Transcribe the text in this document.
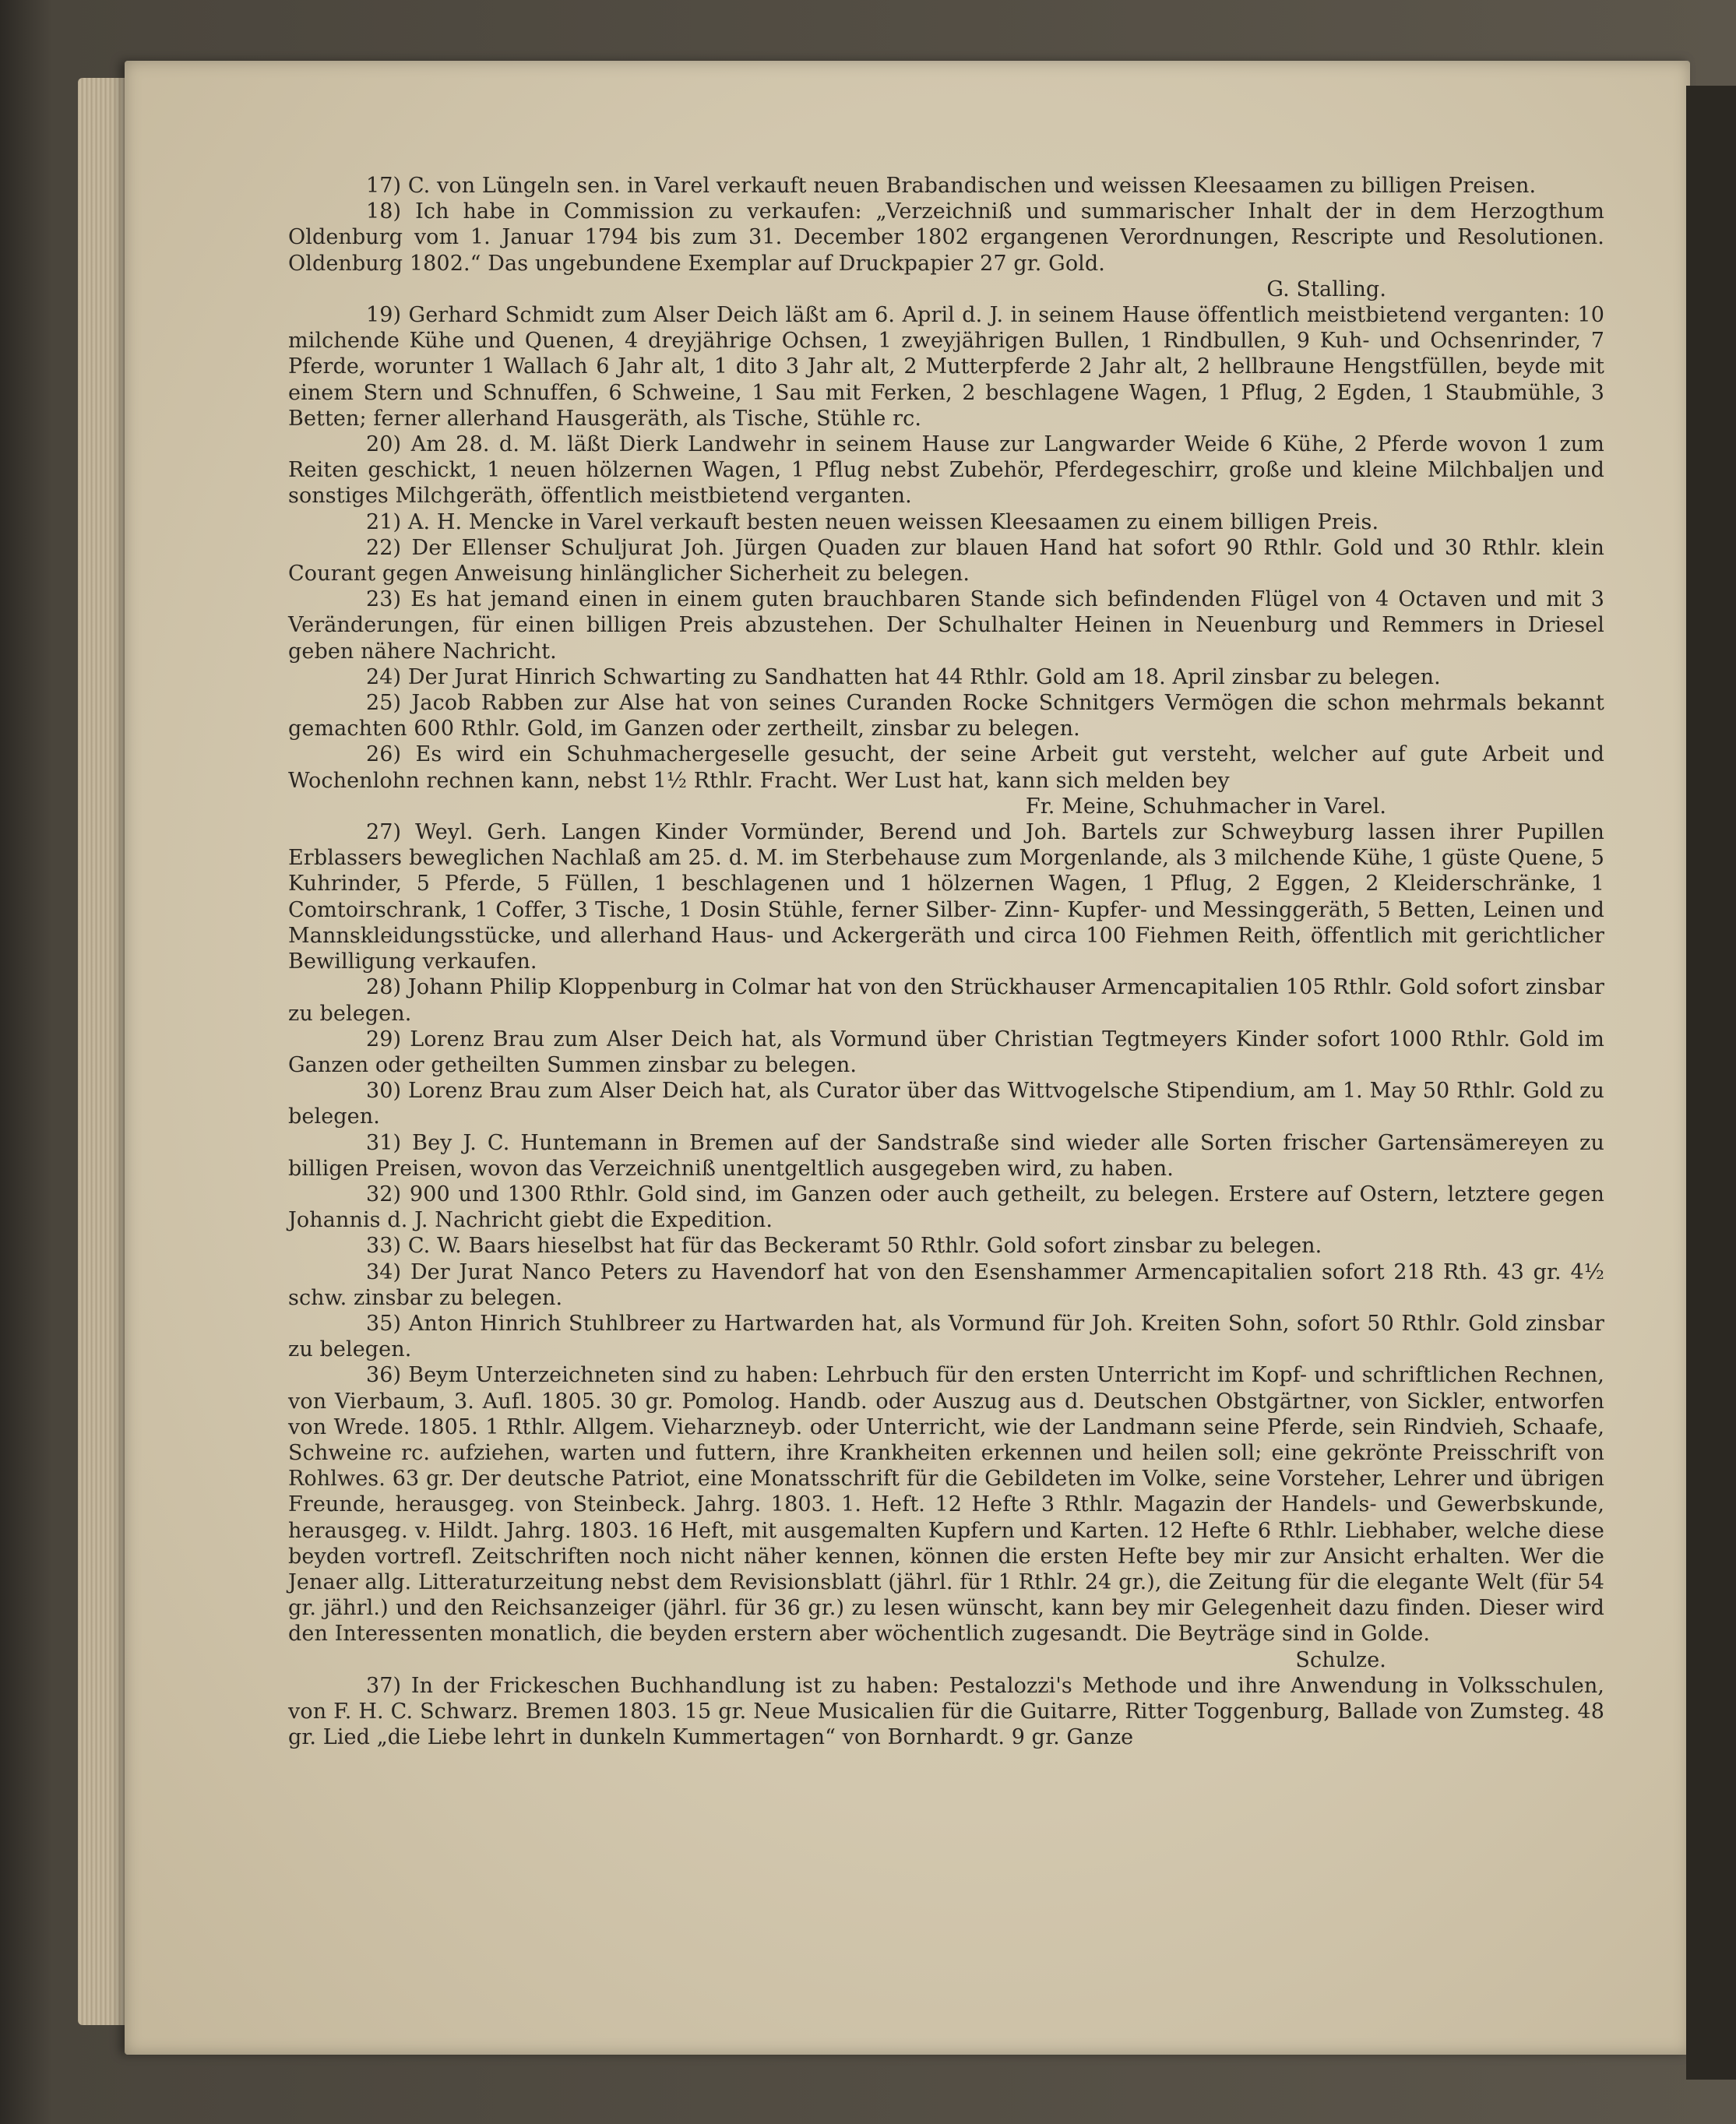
17) C. von Lüngeln sen. in Varel verkauft neuen Brabandischen und weissen Kleesaamen zu billigen Preisen.

18) Ich habe in Commission zu verkaufen: „Verzeichniß und summarischer Inhalt der in dem Herzogthum Oldenburg vom 1. Januar 1794 bis zum 31. December 1802 ergangenen Verordnungen, Rescripte und Resolutionen. Oldenburg 1802.“ Das ungebundene Exemplar auf Druckpapier 27 gr. Gold.

G. Stalling.

19) Gerhard Schmidt zum Alser Deich läßt am 6. April d. J. in seinem Hause öffentlich meistbietend verganten: 10 milchende Kühe und Quenen, 4 dreyjährige Ochsen, 1 zweyjährigen Bullen, 1 Rindbullen, 9 Kuh- und Ochsenrinder, 7 Pferde, worunter 1 Wallach 6 Jahr alt, 1 dito 3 Jahr alt, 2 Mutterpferde 2 Jahr alt, 2 hellbraune Hengstfüllen, beyde mit einem Stern und Schnuffen, 6 Schweine, 1 Sau mit Ferken, 2 beschlagene Wagen, 1 Pflug, 2 Egden, 1 Staubmühle, 3 Betten; ferner allerhand Hausgeräth, als Tische, Stühle rc.

20) Am 28. d. M. läßt Dierk Landwehr in seinem Hause zur Langwarder Weide 6 Kühe, 2 Pferde wovon 1 zum Reiten geschickt, 1 neuen hölzernen Wagen, 1 Pflug nebst Zubehör, Pferdegeschirr, große und kleine Milchbaljen und sonstiges Milchgeräth, öffentlich meistbietend verganten.

21) A. H. Mencke in Varel verkauft besten neuen weissen Kleesaamen zu einem billigen Preis.

22) Der Ellenser Schuljurat Joh. Jürgen Quaden zur blauen Hand hat sofort 90 Rthlr. Gold und 30 Rthlr. klein Courant gegen Anweisung hinlänglicher Sicherheit zu belegen.

23) Es hat jemand einen in einem guten brauchbaren Stande sich befindenden Flügel von 4 Octaven und mit 3 Veränderungen, für einen billigen Preis abzustehen. Der Schulhalter Heinen in Neuenburg und Remmers in Driesel geben nähere Nachricht.

24) Der Jurat Hinrich Schwarting zu Sandhatten hat 44 Rthlr. Gold am 18. April zinsbar zu belegen.

25) Jacob Rabben zur Alse hat von seines Curanden Rocke Schnitgers Vermögen die schon mehrmals bekannt gemachten 600 Rthlr. Gold, im Ganzen oder zertheilt, zinsbar zu belegen.

26) Es wird ein Schuhmachergeselle gesucht, der seine Arbeit gut versteht, welcher auf gute Arbeit und Wochenlohn rechnen kann, nebst 1½ Rthlr. Fracht. Wer Lust hat, kann sich melden bey

Fr. Meine, Schuhmacher in Varel.

27) Weyl. Gerh. Langen Kinder Vormünder, Berend und Joh. Bartels zur Schweyburg lassen ihrer Pupillen Erblassers beweglichen Nachlaß am 25. d. M. im Sterbehause zum Morgenlande, als 3 milchende Kühe, 1 güste Quene, 5 Kuhrinder, 5 Pferde, 5 Füllen, 1 beschlagenen und 1 hölzernen Wagen, 1 Pflug, 2 Eggen, 2 Kleiderschränke, 1 Comtoirschrank, 1 Coffer, 3 Tische, 1 Dosin Stühle, ferner Silber- Zinn- Kupfer- und Messinggeräth, 5 Betten, Leinen und Mannskleidungsstücke, und allerhand Haus- und Ackergeräth und circa 100 Fiehmen Reith, öffentlich mit gerichtlicher Bewilligung verkaufen.

28) Johann Philip Kloppenburg in Colmar hat von den Strückhauser Armencapitalien 105 Rthlr. Gold sofort zinsbar zu belegen.

29) Lorenz Brau zum Alser Deich hat, als Vormund über Christian Tegtmeyers Kinder sofort 1000 Rthlr. Gold im Ganzen oder getheilten Summen zinsbar zu belegen.

30) Lorenz Brau zum Alser Deich hat, als Curator über das Wittvogelsche Stipendium, am 1. May 50 Rthlr. Gold zu belegen.

31) Bey J. C. Huntemann in Bremen auf der Sandstraße sind wieder alle Sorten frischer Gartensämereyen zu billigen Preisen, wovon das Verzeichniß unentgeltlich ausgegeben wird, zu haben.

32) 900 und 1300 Rthlr. Gold sind, im Ganzen oder auch getheilt, zu belegen. Erstere auf Ostern, letztere gegen Johannis d. J. Nachricht giebt die Expedition.

33) C. W. Baars hieselbst hat für das Beckeramt 50 Rthlr. Gold sofort zinsbar zu belegen.

34) Der Jurat Nanco Peters zu Havendorf hat von den Esenshammer Armencapitalien sofort 218 Rth. 43 gr. 4½ schw. zinsbar zu belegen.

35) Anton Hinrich Stuhlbreer zu Hartwarden hat, als Vormund für Joh. Kreiten Sohn, sofort 50 Rthlr. Gold zinsbar zu belegen.

36) Beym Unterzeichneten sind zu haben: Lehrbuch für den ersten Unterricht im Kopf- und schriftlichen Rechnen, von Vierbaum, 3. Aufl. 1805. 30 gr. Pomolog. Handb. oder Auszug aus d. Deutschen Obstgärtner, von Sickler, entworfen von Wrede. 1805. 1 Rthlr. Allgem. Vieharzneyb. oder Unterricht, wie der Landmann seine Pferde, sein Rindvieh, Schaafe, Schweine rc. aufziehen, warten und futtern, ihre Krankheiten erkennen und heilen soll; eine gekrönte Preisschrift von Rohlwes. 63 gr. Der deutsche Patriot, eine Monatsschrift für die Gebildeten im Volke, seine Vorsteher, Lehrer und übrigen Freunde, herausgeg. von Steinbeck. Jahrg. 1803. 1. Heft. 12 Hefte 3 Rthlr. Magazin der Handels- und Gewerbskunde, herausgeg. v. Hildt. Jahrg. 1803. 16 Heft, mit ausgemalten Kupfern und Karten. 12 Hefte 6 Rthlr. Liebhaber, welche diese beyden vortrefl. Zeitschriften noch nicht näher kennen, können die ersten Hefte bey mir zur Ansicht erhalten. Wer die Jenaer allg. Litteraturzeitung nebst dem Revisionsblatt (jährl. für 1 Rthlr. 24 gr.), die Zeitung für die elegante Welt (für 54 gr. jährl.) und den Reichsanzeiger (jährl. für 36 gr.) zu lesen wünscht, kann bey mir Gelegenheit dazu finden. Dieser wird den Interessenten monatlich, die beyden erstern aber wöchentlich zugesandt. Die Beyträge sind in Golde.

Schulze.

37) In der Frickeschen Buchhandlung ist zu haben: Pestalozzi's Methode und ihre Anwendung in Volksschulen, von F. H. C. Schwarz. Bremen 1803. 15 gr. Neue Musicalien für die Guitarre, Ritter Toggenburg, Ballade von Zumsteg. 48 gr. Lied „die Liebe lehrt in dunkeln Kummertagen“ von Bornhardt. 9 gr. Ganze
